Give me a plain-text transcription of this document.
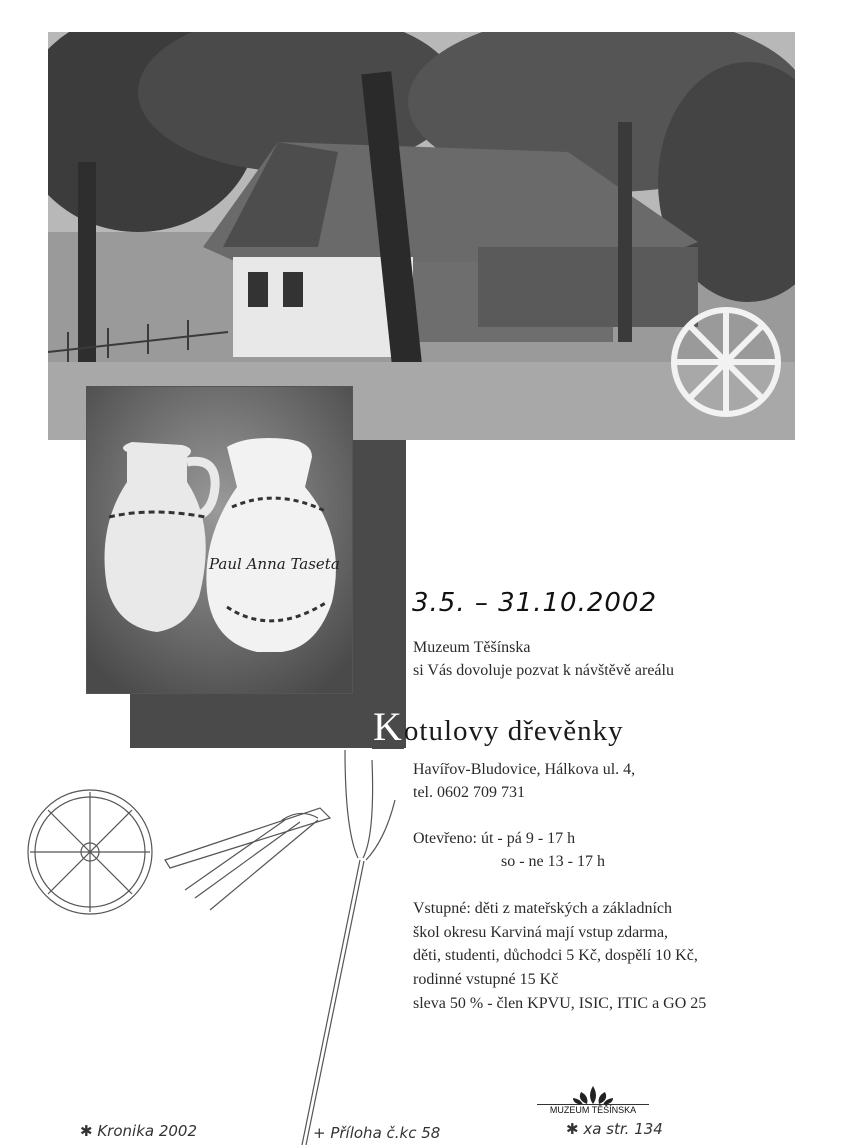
Paul Anna Taseta
3.5. – 31.10.2002
Muzeum Těšínska
si Vás dovoluje pozvat k návštěvě areálu
Kotulovy dřevěnky
Havířov-Bludovice, Hálkova ul. 4,
tel. 0602 709 731
Otevřeno: út - pá 9 - 17 h
so - ne 13 - 17 h
Vstupné: děti z mateřských a základních
škol okresu Karviná mají vstup zdarma,
děti, studenti, důchodci 5 Kč, dospělí 10 Kč,
rodinné vstupné 15 Kč
sleva 50 % - člen KPVU, ISIC, ITIC a GO 25
MUZEUM TĚŠÍNSKA
✱ Kronika 2002	+ Příloha č.kc 58	✱ xa str. 134
